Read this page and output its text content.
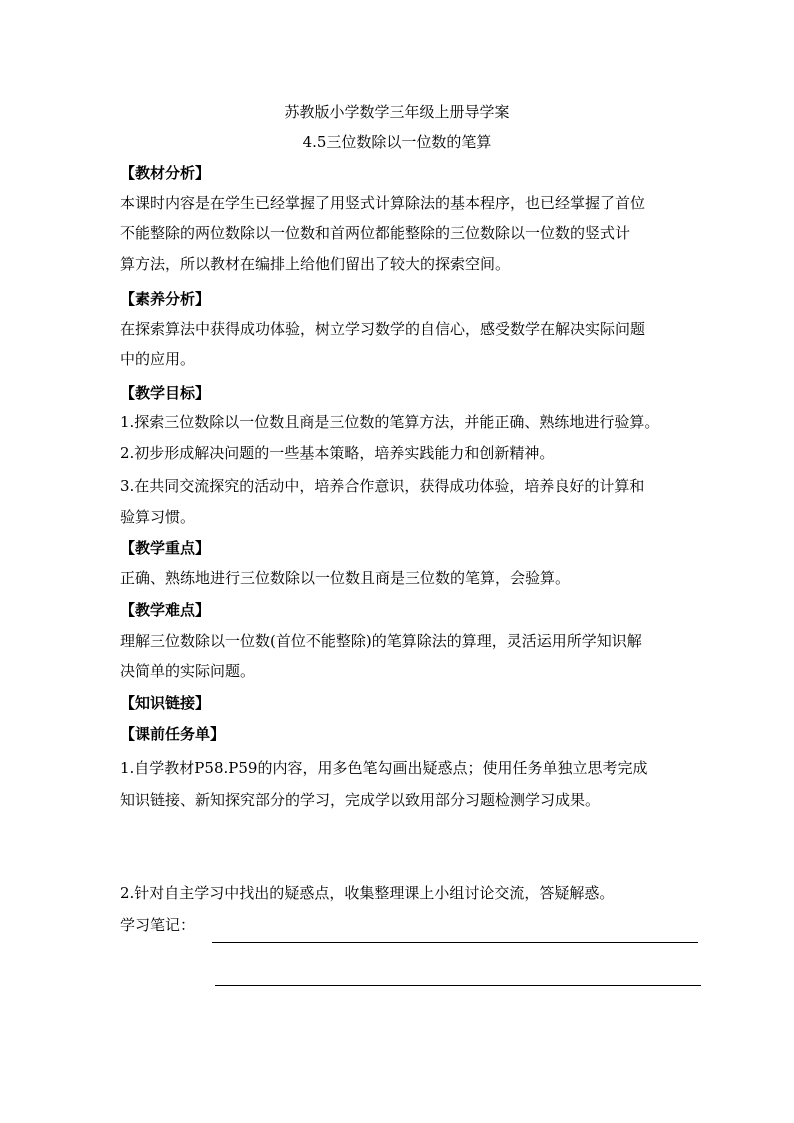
苏教版小学数学三年级上册导学案
4.5三位数除以一位数的笔算
【教材分析】
本课时内容是在学生已经掌握了用竖式计算除法的基本程序，也已经掌握了首位
不能整除的两位数除以一位数和首两位都能整除的三位数除以一位数的竖式计
算方法，所以教材在编排上给他们留出了较大的探索空间。
【素养分析】
在探索算法中获得成功体验，树立学习数学的自信心，感受数学在解决实际问题
中的应用。
【教学目标】
1.探索三位数除以一位数且商是三位数的笔算方法，并能正确、熟练地进行验算。
2.初步形成解决问题的一些基本策略，培养实践能力和创新精神。
3.在共同交流探究的活动中，培养合作意识，获得成功体验，培养良好的计算和
验算习惯。
【教学重点】
正确、熟练地进行三位数除以一位数且商是三位数的笔算，会验算。
【教学难点】
理解三位数除以一位数(首位不能整除)的笔算除法的算理，灵活运用所学知识解
决简单的实际问题。
【知识链接】
【课前任务单】
1.自学教材P58.P59的内容，用多色笔勾画出疑惑点；使用任务单独立思考完成
知识链接、新知探究部分的学习，完成学以致用部分习题检测学习成果。
2.针对自主学习中找出的疑惑点，收集整理课上小组讨论交流，答疑解惑。
学习笔记：
